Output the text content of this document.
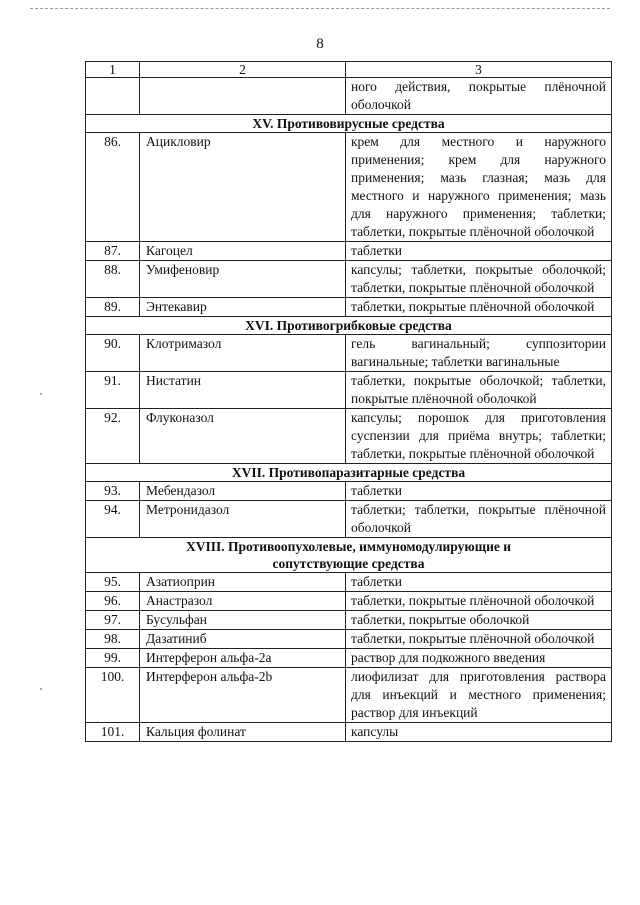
8
1	2	3
		ного действия, покрытые плёночной оболочкой
XV. Противовирусные средства		
86.	Ацикловир	крем для местного и наружного применения; крем для наружного применения; мазь глазная; мазь для местного и наружного применения; мазь для наружного применения; таблетки; таблетки, покрытые плёночной оболочкой
87.	Кагоцел	таблетки
88.	Умифеновир	капсулы; таблетки, покрытые оболочкой; таблетки, покрытые плёночной оболочкой
89.	Энтекавир	таблетки, покрытые плёночной оболочкой
XVI. Противогрибковые средства		
90.	Клотримазол	гель вагинальный; суппозитории вагинальные; таблетки вагинальные
91.	Нистатин	таблетки, покрытые оболочкой; таблетки, покрытые плёночной оболочкой
92.	Флуконазол	капсулы; порошок для приготовления суспензии для приёма внутрь; таблетки; таблетки, покрытые плёночной оболочкой
XVII. Противопаразитарные средства		
93.	Мебендазол	таблетки
94.	Метронидазол	таблетки; таблетки, покрытые плёночной оболочкой
XVIII. Противоопухолевые, иммуномодулирующие и сопутствующие средства		
95.	Азатиоприн	таблетки
96.	Анастразол	таблетки, покрытые плёночной оболочкой
97.	Бусульфан	таблетки, покрытые оболочкой
98.	Дазатиниб	таблетки, покрытые плёночной оболочкой
99.	Интерферон альфа-2a	раствор для подкожного введения
100.	Интерферон альфа-2b	лиофилизат для приготовления раствора для инъекций и местного применения; раствор для инъекций
101.	Кальция фолинат	капсулы
